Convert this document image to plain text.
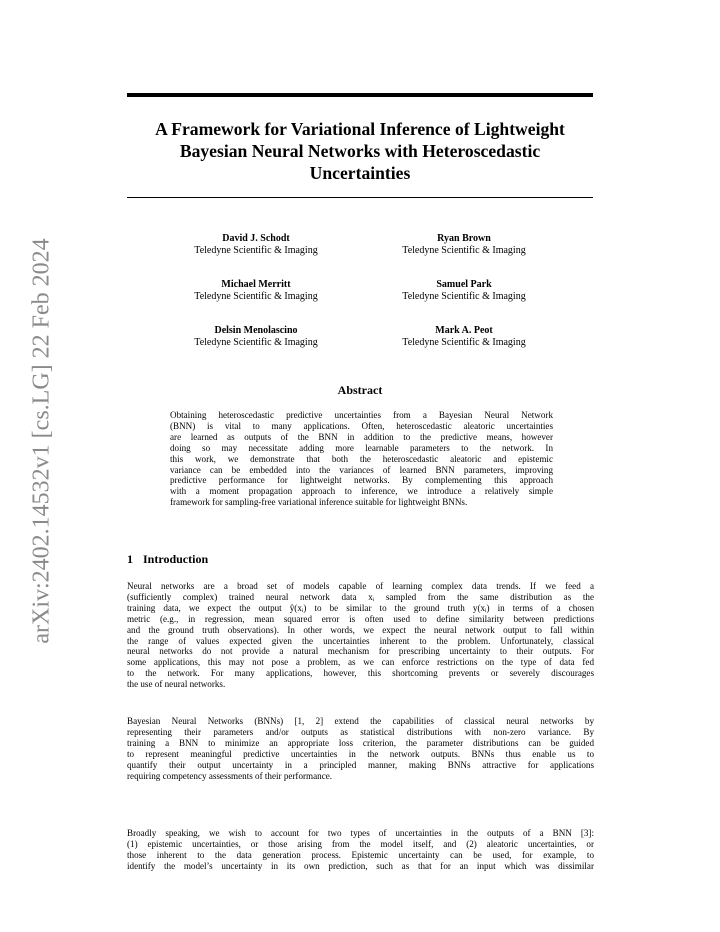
arXiv:2402.14532v1 [cs.LG] 22 Feb 2024
A Framework for Variational Inference of Lightweight
Bayesian Neural Networks with Heteroscedastic
Uncertainties
David J. Schodt
Teledyne Scientific & Imaging
Ryan Brown
Teledyne Scientific & Imaging
Michael Merritt
Teledyne Scientific & Imaging
Samuel Park
Teledyne Scientific & Imaging
Delsin Menolascino
Teledyne Scientific & Imaging
Mark A. Peot
Teledyne Scientific & Imaging
Abstract
Obtaining heteroscedastic predictive uncertainties from a Bayesian Neural Network
(BNN) is vital to many applications. Often, heteroscedastic aleatoric uncertainties
are learned as outputs of the BNN in addition to the predictive means, however
doing so may necessitate adding more learnable parameters to the network. In
this work, we demonstrate that both the heteroscedastic aleatoric and epistemic
variance can be embedded into the variances of learned BNN parameters, improving
predictive performance for lightweight networks. By complementing this approach
with a moment propagation approach to inference, we introduce a relatively simple
framework for sampling-free variational inference suitable for lightweight BNNs.
1 Introduction
Neural networks are a broad set of models capable of learning complex data trends. If we feed a
(sufficiently complex) trained neural network data xᵢ sampled from the same distribution as the
training data, we expect the output ŷ(xᵢ) to be similar to the ground truth y(xᵢ) in terms of a chosen
metric (e.g., in regression, mean squared error is often used to define similarity between predictions
and the ground truth observations). In other words, we expect the neural network output to fall within
the range of values expected given the uncertainties inherent to the problem. Unfortunately, classical
neural networks do not provide a natural mechanism for prescribing uncertainty to their outputs. For
some applications, this may not pose a problem, as we can enforce restrictions on the type of data fed
to the network. For many applications, however, this shortcoming prevents or severely discourages
the use of neural networks.
Bayesian Neural Networks (BNNs) [1, 2] extend the capabilities of classical neural networks by
representing their parameters and/or outputs as statistical distributions with non-zero variance. By
training a BNN to minimize an appropriate loss criterion, the parameter distributions can be guided
to represent meaningful predictive uncertainties in the network outputs. BNNs thus enable us to
quantify their output uncertainty in a principled manner, making BNNs attractive for applications
requiring competency assessments of their performance.
Broadly speaking, we wish to account for two types of uncertainties in the outputs of a BNN [3]:
(1) epistemic uncertainties, or those arising from the model itself, and (2) aleatoric uncertainties, or
those inherent to the data generation process. Epistemic uncertainty can be used, for example, to
identify the model’s uncertainty in its own prediction, such as that for an input which was dissimilar
